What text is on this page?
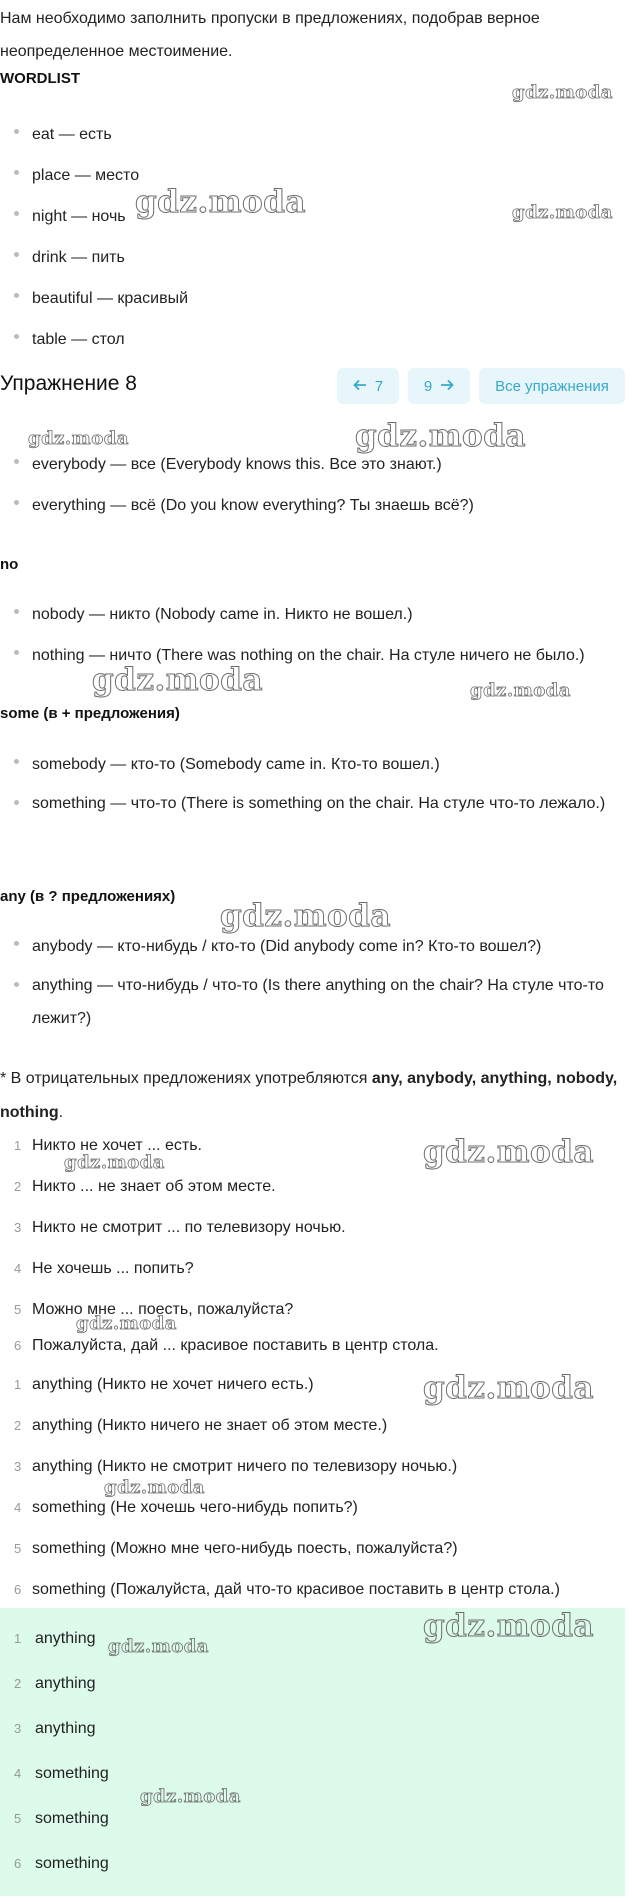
Нам необходимо заполнить пропуски в предложениях, подобрав верное неопределенное местоимение.
WORDLIST
eat — есть
place — место
night — ночь
drink — пить
beautiful — красивый
table — стол
Упражнение 8	7	9	Все упражнения
everybody — все (Everybody knows this. Все это знают.)
everything — всё (Do you know everything? Ты знаешь всё?)
no
nobody — никто (Nobody came in. Никто не вошел.)
nothing — ничто (There was nothing on the chair. На стуле ничего не было.)
some (в + предложения)
somebody — кто-то (Somebody came in. Кто-то вошел.)
something — что-то (There is something on the chair. На стуле что-то лежало.)
any (в ? предложениях)
anybody — кто-нибудь / кто-то (Did anybody come in? Кто-то вошел?)
anything — что-нибудь / что-то (Is there anything on the chair? На стуле что-то лежит?)
* В отрицательных предложениях употребляются any, anybody, anything, nobody, nothing.
1 Никто не хочет ... есть.
2 Никто ... не знает об этом месте.
3 Никто не смотрит ... по телевизору ночью.
4 Не хочешь ... попить?
5 Можно мне ... поесть, пожалуйста?
6 Пожалуйста, дай ... красивое поставить в центр стола.
1 anything (Никто не хочет ничего есть.)
2 anything (Никто ничего не знает об этом месте.)
3 anything (Никто не смотрит ничего по телевизору ночью.)
4 something (Не хочешь чего-нибудь попить?)
5 something (Можно мне чего-нибудь поесть, пожалуйста?)
6 something (Пожалуйста, дай что-то красивое поставить в центр стола.)
1 anything
2 anything
3 anything
4 something
5 something
6 something
gdz.moda
gdz.moda	gdz.moda
gdz.moda	gdz.moda
gdz.moda	gdz.moda
gdz.moda
gdz.moda
gdz.moda
gdz.moda
gdz.moda
gdz.moda
